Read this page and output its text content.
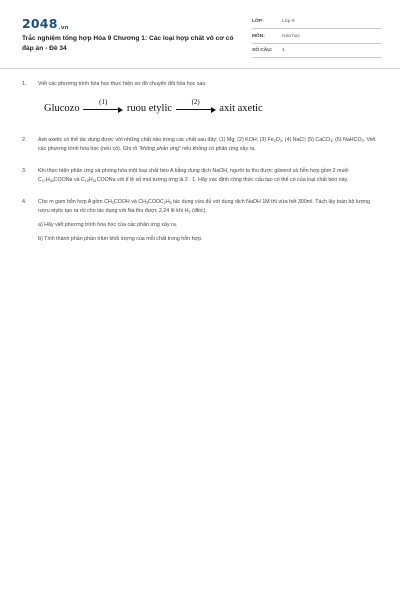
2048.vn
Trắc nghiệm tổng hợp Hóa 9 Chương 1: Các loại hợp chất vô cơ có đáp án - Đề 34
LỚP:	Lớp 9
MÔN:	Hóa học
SỐ CÂU: 4
1. Viết các phương trình hóa học thực hiện sơ đồ chuyển đổi hóa học sau:

Glucozo
(1)
ruou etylic
(2)
axit axetic
2. Axit axetic có thể tác dụng được với những chất nào trong các chất sau đây: (1) Mg; (2) KOH; (3) $Fe_2O_3$; (4) NaCl; (5) CaCO$_3$; (6) NaHCO$_3$. Viết các phương trình hóa học (nếu có). Ghi rõ "không phản ứng" nếu không có phản ứng xảy ra.

3. Khi thực hiện phản ứng xà phòng hóa một loại chất béo A bằng dung dịch NaOH, người ta thu được glixerol và hỗn hợp gồm 2 muối $C_{17}H_{35}COONa$ và $C_{15}H_{31}COONa$ với tỉ lệ số mol tương ứng là 2 : 1. Hãy xác định công thức cấu tạo có thể có của loại chất béo này.

4. Cho m gam hỗn hợp A gồm $CH_3COOH$ và $CH_3COOC_2H_5$ tác dụng vừa đủ với dung dịch NaOH 1M thì vừa hết 300ml. Tách lấy toàn bộ lượng rượu etylic tạo ra rồi cho tác dụng với Na thu được 2,24 lít khí $H_2$ (đktc).

a) Hãy viết phương trình hóa học của các phản ứng xảy ra.

b) Tính thành phần phần trăm khối lượng của mỗi chất trong hỗn hợp.
